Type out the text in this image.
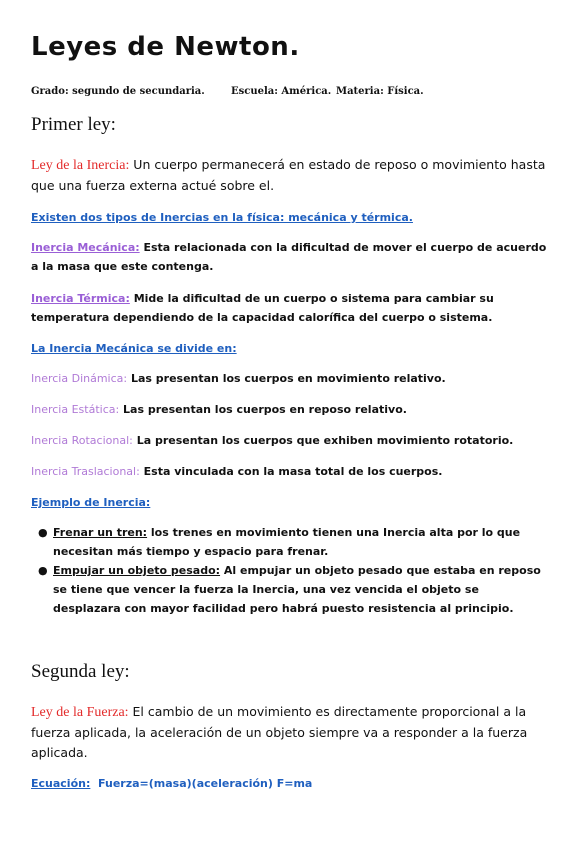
Leyes de Newton.
Grado: segundo de secundaria.	Escuela: América. Materia: Física.
Primer ley:

Ley de la Inercia: Un cuerpo permanecerá en estado de reposo o movimiento hasta que una fuerza externa actué sobre el.

Existen dos tipos de Inercias en la física: mecánica y térmica.

Inercia Mecánica: Esta relacionada con la dificultad de mover el cuerpo de acuerdo a la masa que este contenga.

Inercia Térmica: Mide la dificultad de un cuerpo o sistema para cambiar su temperatura dependiendo de la capacidad calorífica del cuerpo o sistema.

La Inercia Mecánica se divide en:

Inercia Dinámica: Las presentan los cuerpos en movimiento relativo.

Inercia Estática: Las presentan los cuerpos en reposo relativo.

Inercia Rotacional: La presentan los cuerpos que exhiben movimiento rotatorio.

Inercia Traslacional: Esta vinculada con la masa total de los cuerpos.

Ejemplo de Inercia:

● Frenar un tren: los trenes en movimiento tienen una Inercia alta por lo que necesitan más tiempo y espacio para frenar.
● Empujar un objeto pesado: Al empujar un objeto pesado que estaba en reposo se tiene que vencer la fuerza la Inercia, una vez vencida el objeto se desplazara con mayor facilidad pero habrá puesto resistencia al principio.
Segunda ley:

Ley de la Fuerza: El cambio de un movimiento es directamente proporcional a la fuerza aplicada, la aceleración de un objeto siempre va a responder a la fuerza aplicada.

Ecuación: Fuerza=(masa)(aceleración) F=ma
